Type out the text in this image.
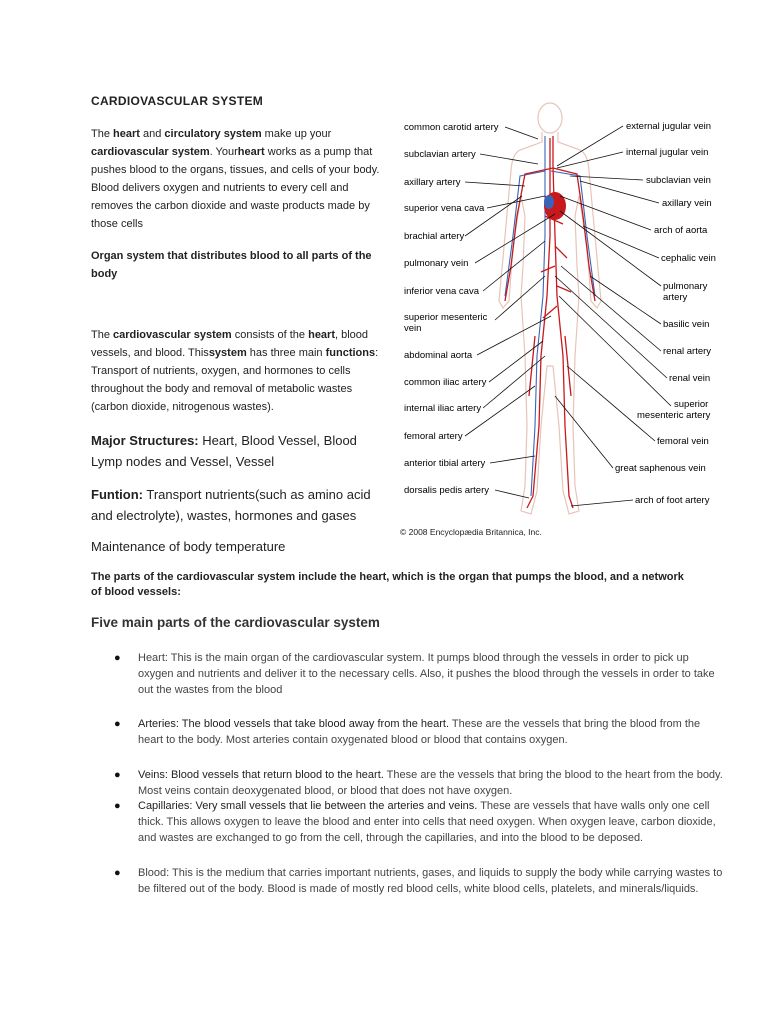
CARDIOVASCULAR SYSTEM
The heart and circulatory system make up your cardiovascular system. Yourheart works as a pump that pushes blood to the organs, tissues, and cells of your body. Blood delivers oxygen and nutrients to every cell and removes the carbon dioxide and waste products made by those cells
Organ system that distributes blood to all parts of the body
The cardiovascular system consists of the heart, blood vessels, and blood. Thissystem has three main functions: Transport of nutrients, oxygen, and hormones to cells throughout the body and removal of metabolic wastes (carbon dioxide, nitrogenous wastes).
Major Structures: Heart, Blood Vessel, Blood Lymp nodes and Vessel, Vessel
Funtion: Transport nutrients(such as amino acid and electrolyte), wastes, hormones and gases
Maintenance of body temperature
The parts of the cardiovascular system include the heart, which is the organ that pumps the blood, and a network of blood vessels:
Five main parts of the cardiovascular system
● Heart: This is the main organ of the cardiovascular system. It pumps blood through the vessels in order to pick up oxygen and nutrients and deliver it to the necessary cells. Also, it pushes the blood through the vessels in order to take out the wastes from the blood
● Arteries: The blood vessels that take blood away from the heart. These are the vessels that bring the blood from the heart to the body. Most arteries contain oxygenated blood or blood that contains oxygen.
● Veins: Blood vessels that return blood to the heart. These are the vessels that bring the blood to the heart from the body. Most veins contain deoxygenated blood, or blood that does not have oxygen.
● Capillaries: Very small vessels that lie between the arteries and veins. These are vessels that have walls only one cell thick. This allows oxygen to leave the blood and enter into cells that need oxygen. When oxygen leave, carbon dioxide, and wastes are exchanged to go from the cell, through the capillaries, and into the blood to be deposed.
● Blood: This is the medium that carries important nutrients, gases, and liquids to supply the body while carrying wastes to be filtered out of the body. Blood is made of mostly red blood cells, white blood cells, platelets, and minerals/liquids.
common carotid artery
subclavian artery
axillary artery
superior vena cava
brachial artery
pulmonary vein
inferior vena cava
superior mesenteric
vein
abdominal aorta
common iliac artery
internal iliac artery
femoral artery
anterior tibial artery
dorsalis pedis artery
external jugular vein
internal jugular vein
subclavian vein
axillary vein
arch of aorta
cephalic vein
pulmonary
artery
basilic vein
renal artery
renal vein
superior
mesenteric artery
femoral vein
great saphenous vein
arch of foot artery
© 2008 Encyclopædia Britannica, Inc.
